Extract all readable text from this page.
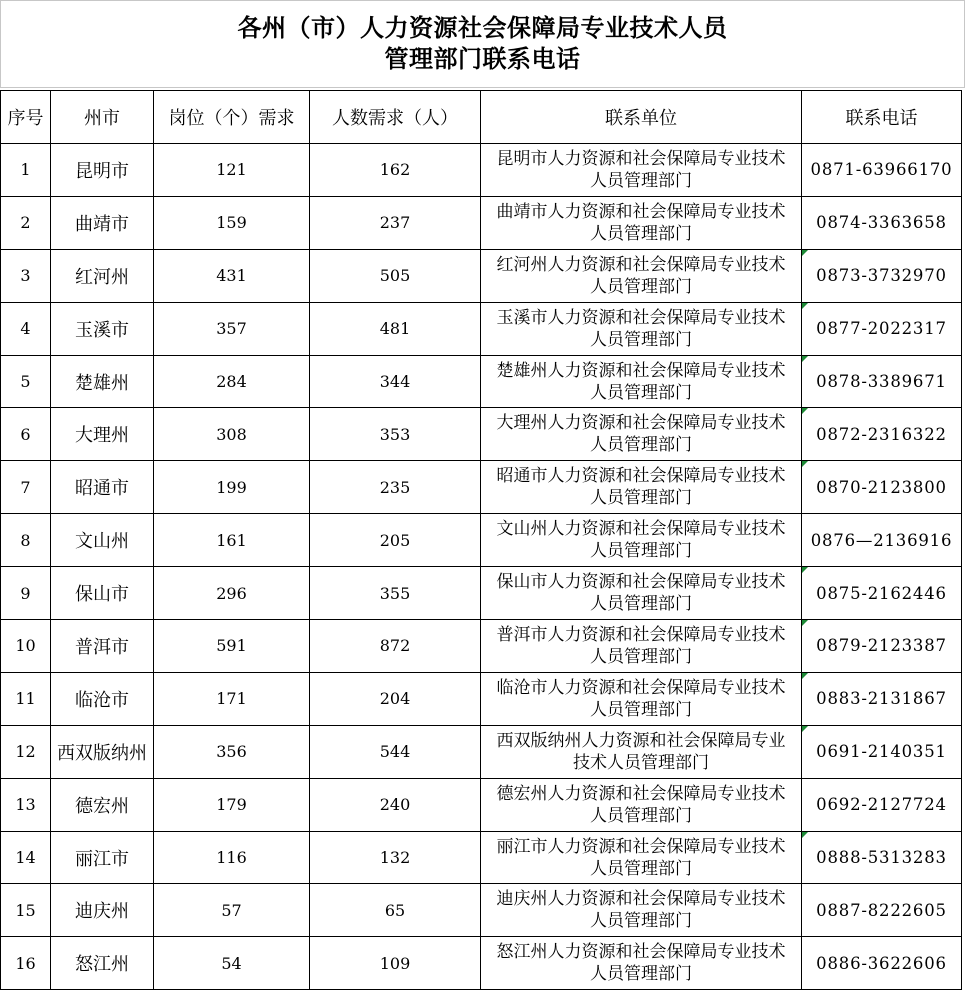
各州（市）人力资源社会保障局专业技术人员
管理部门联系电话
序号	州市	岗位（个）需求	人数需求（人）	联系单位	联系电话
1	昆明市	121	162	昆明市人力资源和社会保障局专业技术人员管理部门	0871-63966170
2	曲靖市	159	237	曲靖市人力资源和社会保障局专业技术人员管理部门	0874-3363658
3	红河州	431	505	红河州人力资源和社会保障局专业技术人员管理部门	0873-3732970
4	玉溪市	357	481	玉溪市人力资源和社会保障局专业技术人员管理部门	0877-2022317
5	楚雄州	284	344	楚雄州人力资源和社会保障局专业技术人员管理部门	0878-3389671
6	大理州	308	353	大理州人力资源和社会保障局专业技术人员管理部门	0872-2316322
7	昭通市	199	235	昭通市人力资源和社会保障局专业技术人员管理部门	0870-2123800
8	文山州	161	205	文山州人力资源和社会保障局专业技术人员管理部门	0876—2136916
9	保山市	296	355	保山市人力资源和社会保障局专业技术人员管理部门	0875-2162446
10	普洱市	591	872	普洱市人力资源和社会保障局专业技术人员管理部门	0879-2123387
11	临沧市	171	204	临沧市人力资源和社会保障局专业技术人员管理部门	0883-2131867
12	西双版纳州	356	544	西双版纳州人力资源和社会保障局专业技术人员管理部门	0691-2140351
13	德宏州	179	240	德宏州人力资源和社会保障局专业技术人员管理部门	0692-2127724
14	丽江市	116	132	丽江市人力资源和社会保障局专业技术人员管理部门	0888-5313283
15	迪庆州	57	65	迪庆州人力资源和社会保障局专业技术人员管理部门	0887-8222605
16	怒江州	54	109	怒江州人力资源和社会保障局专业技术人员管理部门	0886-3622606
